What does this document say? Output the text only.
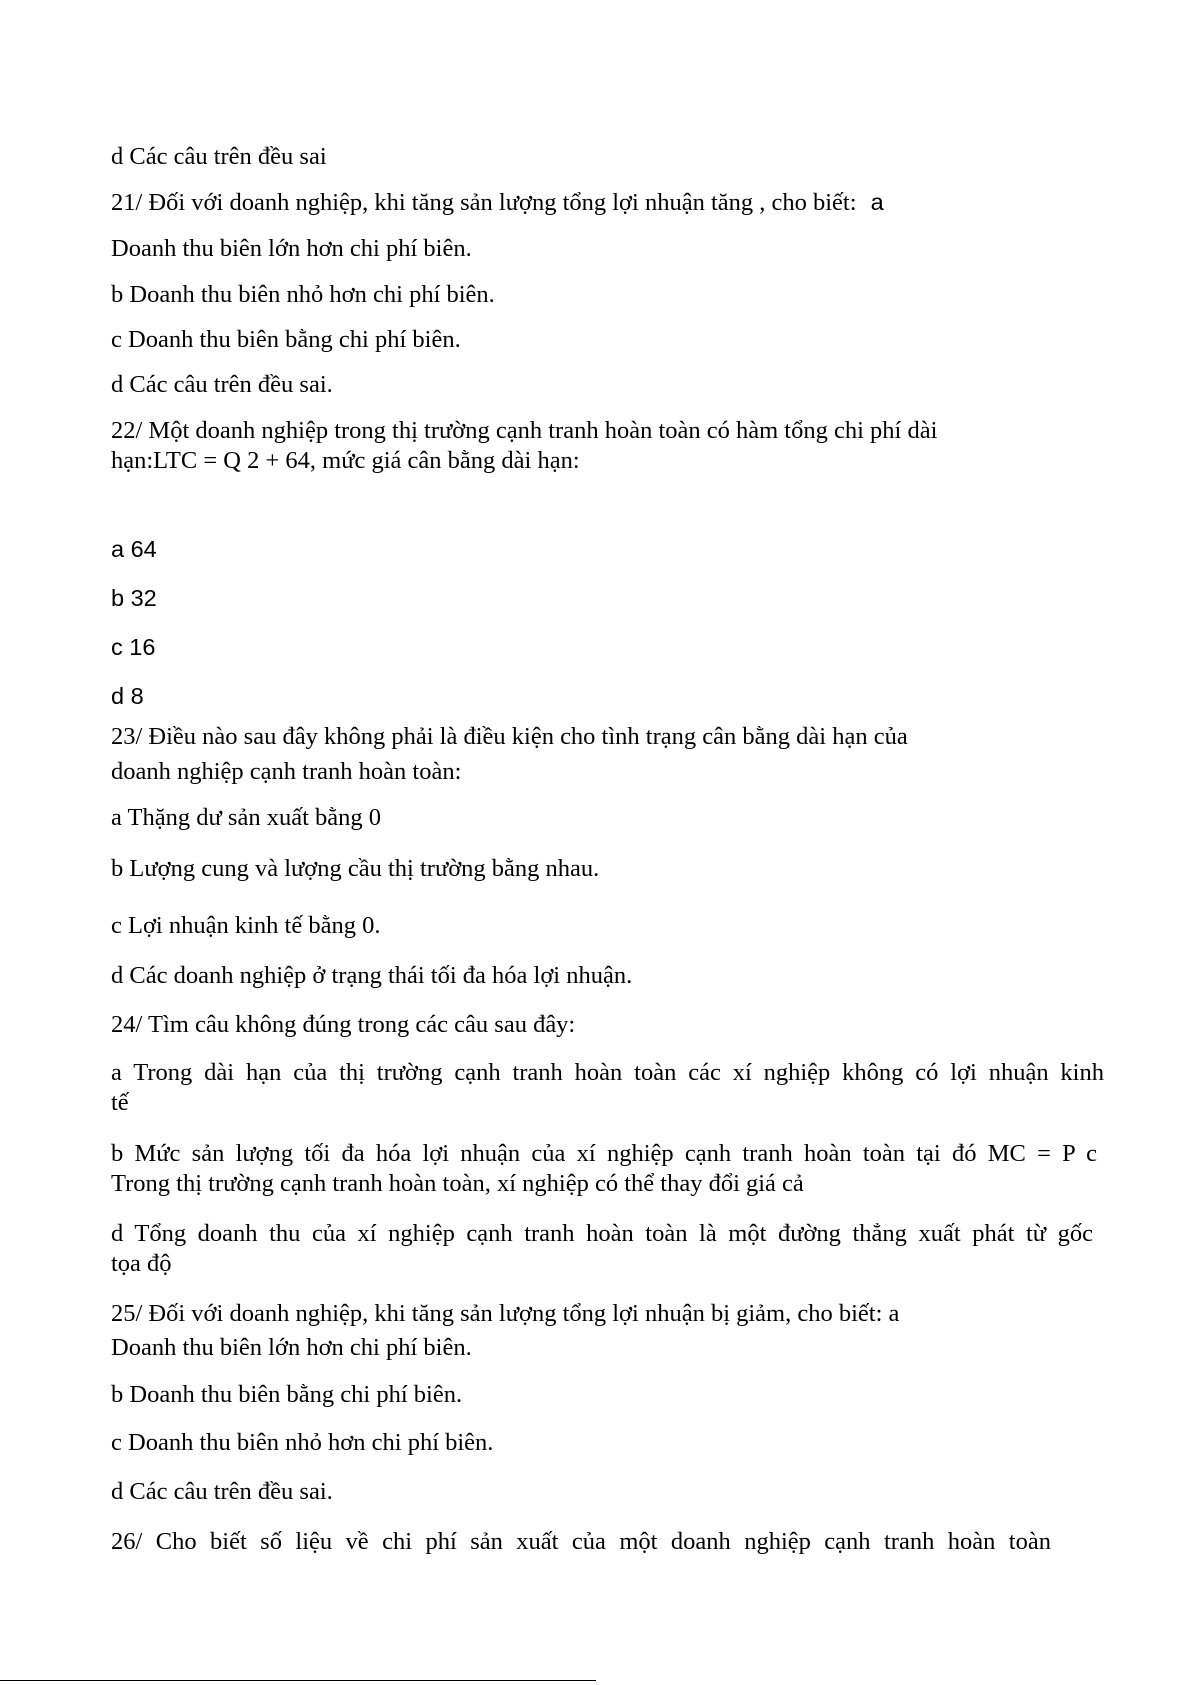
d Các câu trên đều sai
21/ Đối với doanh nghiệp, khi tăng sản lượng tổng lợi nhuận tăng , cho biết: a
Doanh thu biên lớn hơn chi phí biên.
b Doanh thu biên nhỏ hơn chi phí biên.
c Doanh thu biên bằng chi phí biên.
d Các câu trên đều sai.
22/ Một doanh nghiệp trong thị trường cạnh tranh hoàn toàn có hàm tổng chi phí dài
hạn:LTC = Q 2 + 64, mức giá cân bằng dài hạn:
a 64
b 32
c 16
d 8
23/ Điều nào sau đây không phải là điều kiện cho tình trạng cân bằng dài hạn của
doanh nghiệp cạnh tranh hoàn toàn:
a Thặng dư sản xuất bằng 0
b Lượng cung và lượng cầu thị trường bằng nhau.
c Lợi nhuận kinh tế bằng 0.
d Các doanh nghiệp ở trạng thái tối đa hóa lợi nhuận.
24/ Tìm câu không đúng trong các câu sau đây:
a Trong dài hạn của thị trường cạnh tranh hoàn toàn các xí nghiệp không có lợi nhuận kinh
tế
b Mức sản lượng tối đa hóa lợi nhuận của xí nghiệp cạnh tranh hoàn toàn tại đó MC = P c
Trong thị trường cạnh tranh hoàn toàn, xí nghiệp có thể thay đổi giá cả
d Tổng doanh thu của xí nghiệp cạnh tranh hoàn toàn là một đường thẳng xuất phát từ gốc
tọa độ
25/ Đối với doanh nghiệp, khi tăng sản lượng tổng lợi nhuận bị giảm, cho biết: a
Doanh thu biên lớn hơn chi phí biên.
b Doanh thu biên bằng chi phí biên.
c Doanh thu biên nhỏ hơn chi phí biên.
d Các câu trên đều sai.
26/ Cho biết số liệu về chi phí sản xuất của một doanh nghiệp cạnh tranh hoàn toàn
